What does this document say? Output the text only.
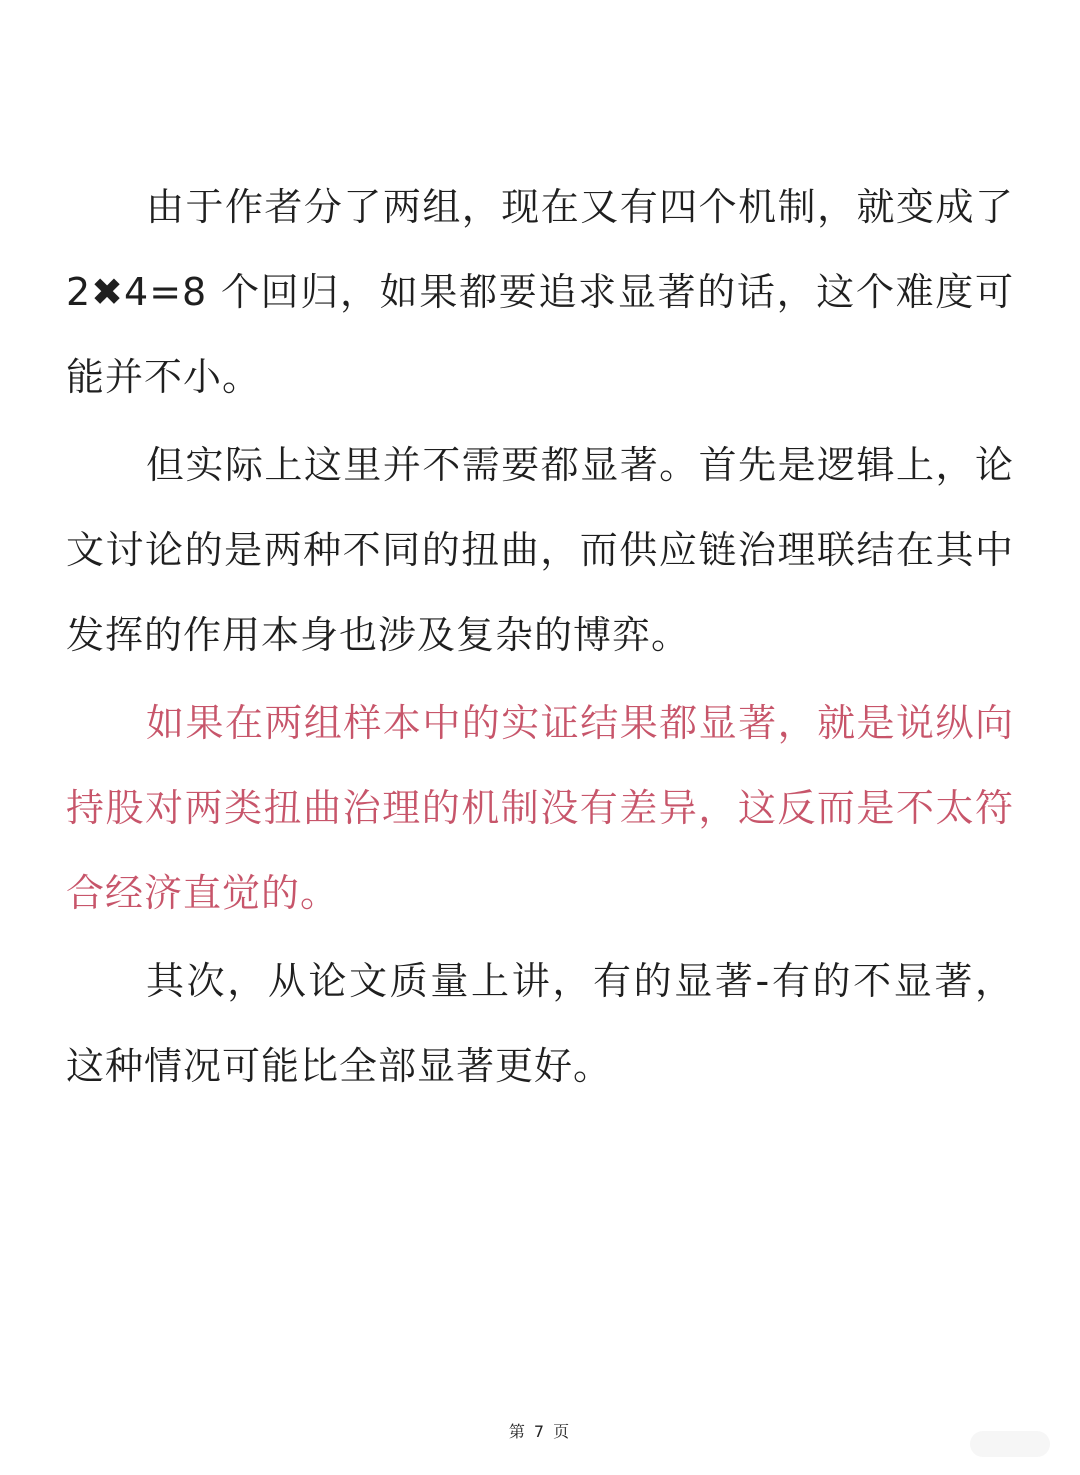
由于作者分了两组，现在又有四个机制，就变成了2✖4=8 个回归，如果都要追求显著的话，这个难度可能并不小。

但实际上这里并不需要都显著。首先是逻辑上，论文讨论的是两种不同的扭曲，而供应链治理联结在其中发挥的作用本身也涉及复杂的博弈。

如果在两组样本中的实证结果都显著，就是说纵向持股对两类扭曲治理的机制没有差异，这反而是不太符合经济直觉的。

其次，从论文质量上讲，有的显著-有的不显著，这种情况可能比全部显著更好。

第 7 页
